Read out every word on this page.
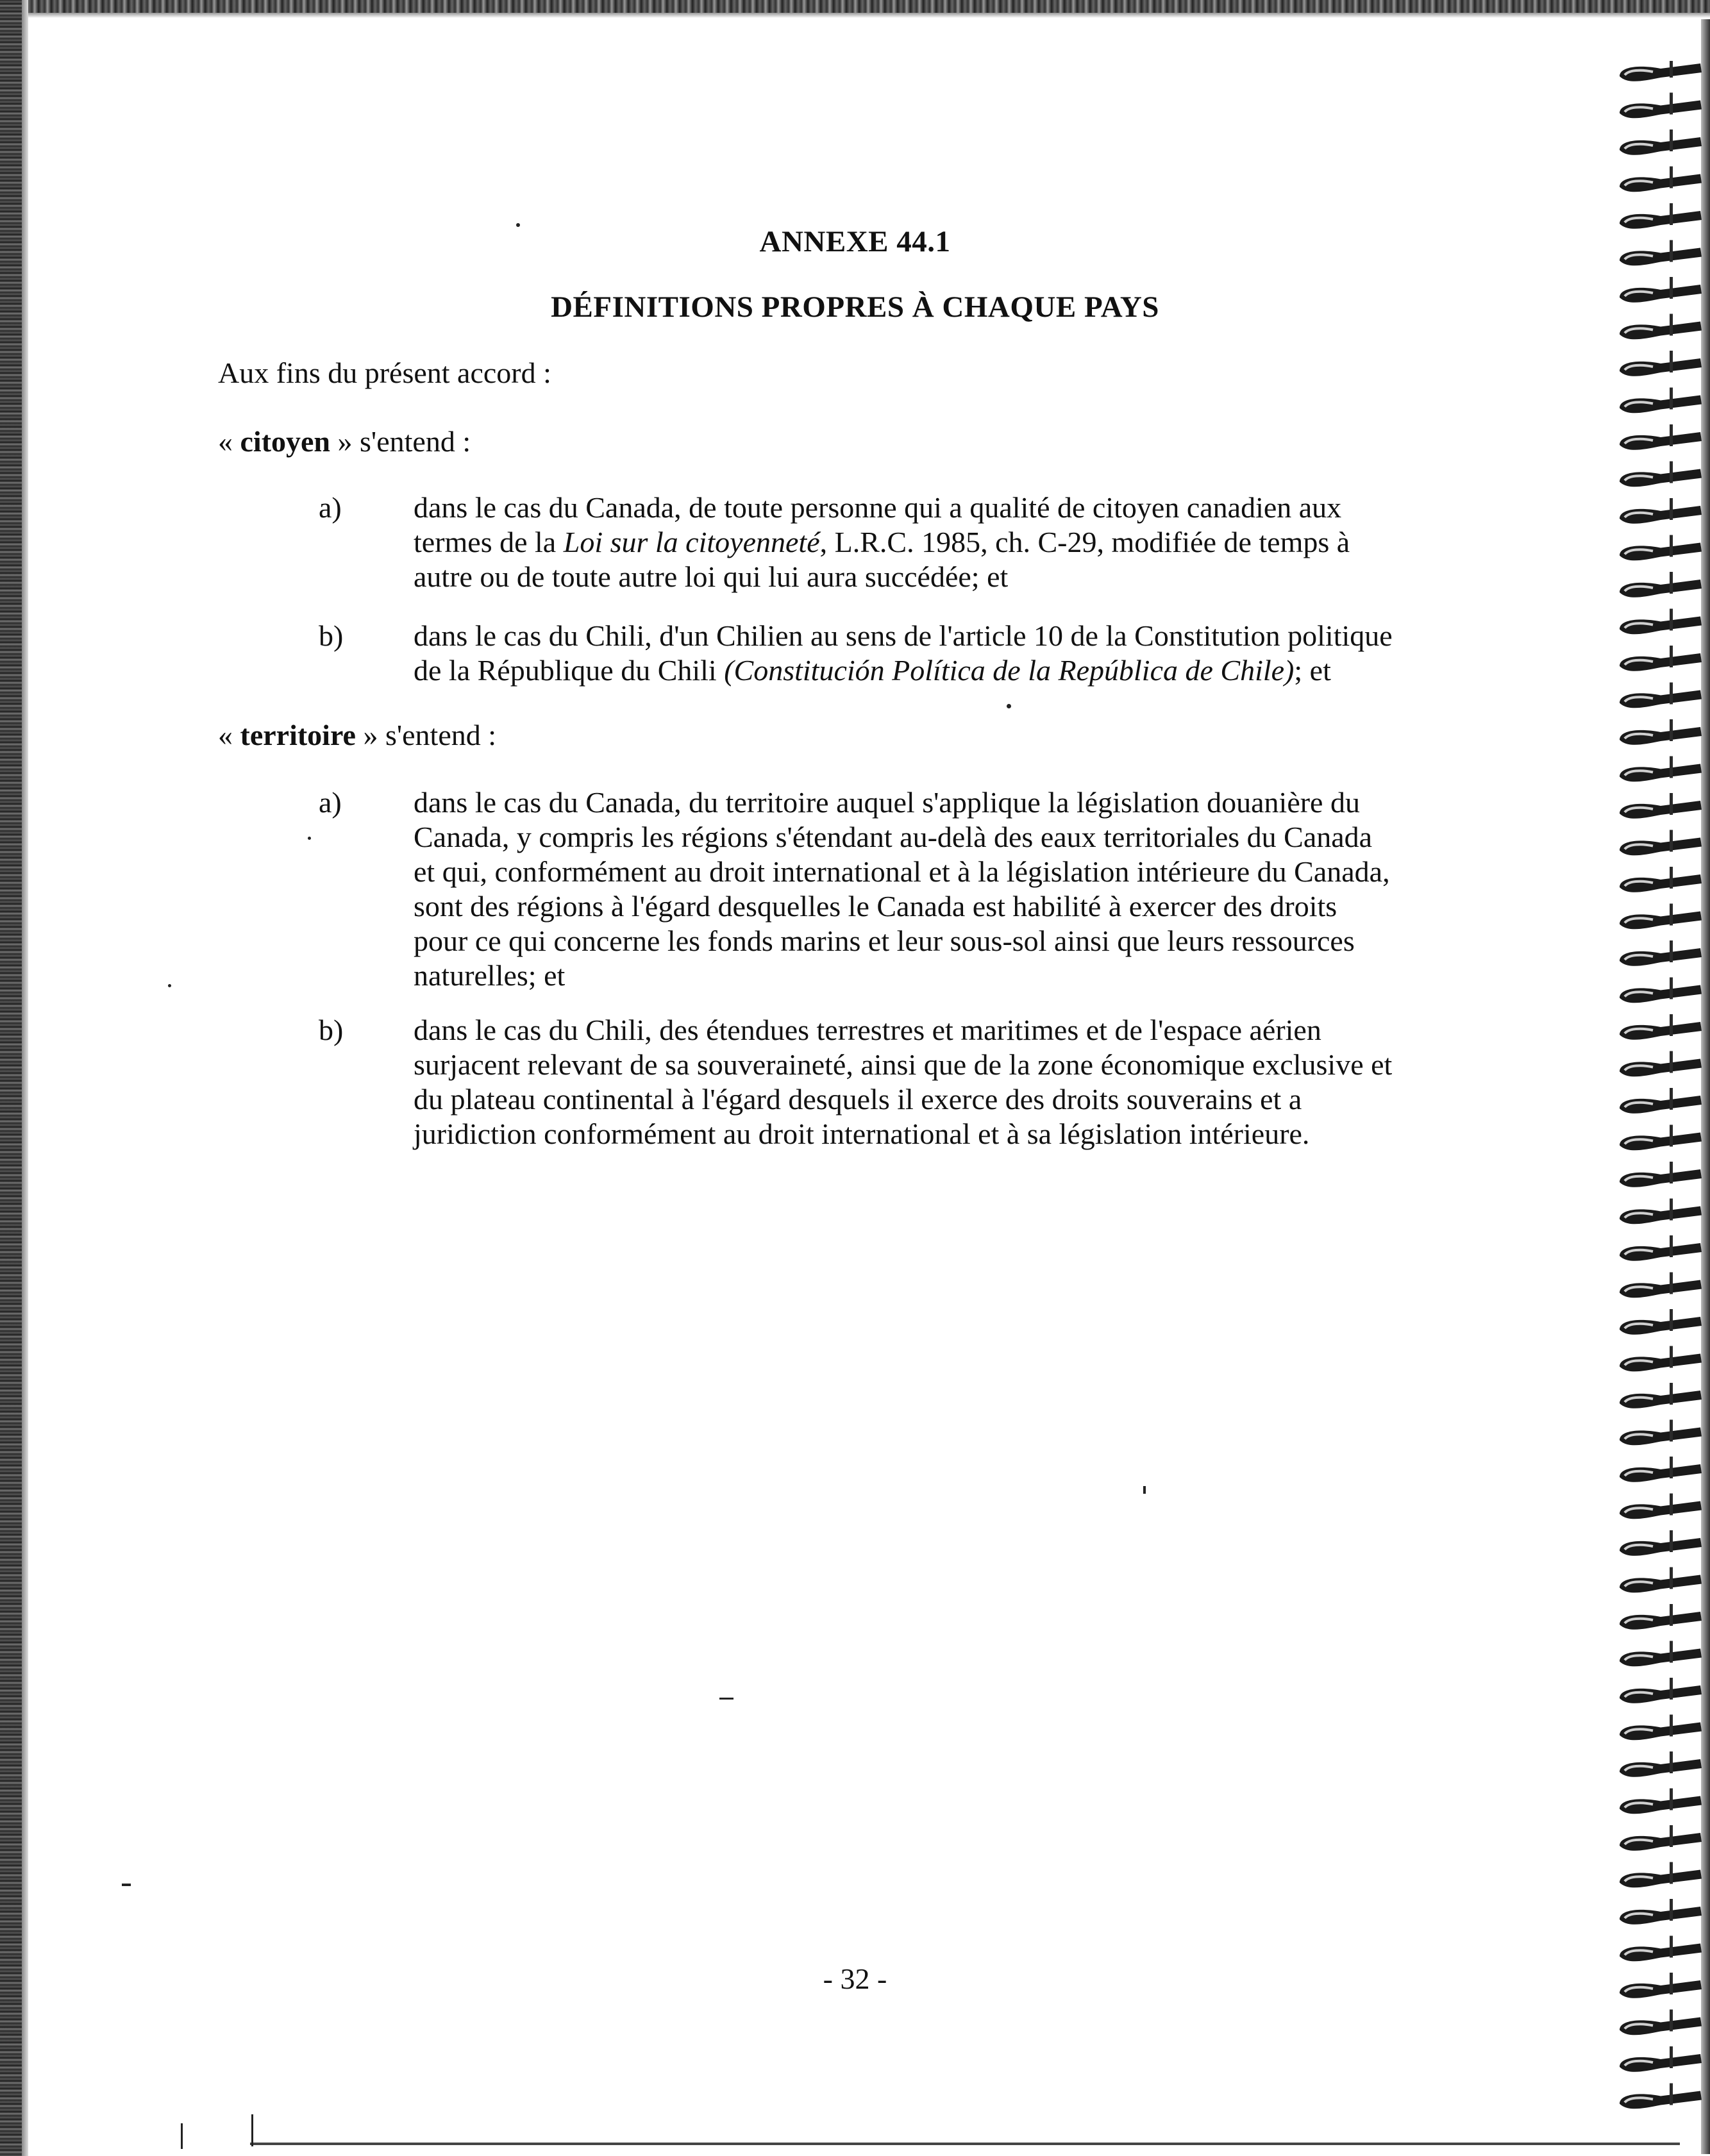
ANNEXE 44.1
DÉFINITIONS PROPRES À CHAQUE PAYS
Aux fins du présent accord :
« citoyen » s'entend :
a) dans le cas du Canada, de toute personne qui a qualité de citoyen canadien aux
termes de la Loi sur la citoyenneté, L.R.C. 1985, ch. C-29, modifiée de temps à
autre ou de toute autre loi qui lui aura succédée; et
b) dans le cas du Chili, d'un Chilien au sens de l'article 10 de la Constitution politique
de la République du Chili (Constitución Política de la República de Chile); et
« territoire » s'entend :
a) dans le cas du Canada, du territoire auquel s'applique la législation douanière du
Canada, y compris les régions s'étendant au-delà des eaux territoriales du Canada
et qui, conformément au droit international et à la législation intérieure du Canada,
sont des régions à l'égard desquelles le Canada est habilité à exercer des droits
pour ce qui concerne les fonds marins et leur sous-sol ainsi que leurs ressources
naturelles; et
b) dans le cas du Chili, des étendues terrestres et maritimes et de l'espace aérien
surjacent relevant de sa souveraineté, ainsi que de la zone économique exclusive et
du plateau continental à l'égard desquels il exerce des droits souverains et a
juridiction conformément au droit international et à sa législation intérieure.
- 32 -
